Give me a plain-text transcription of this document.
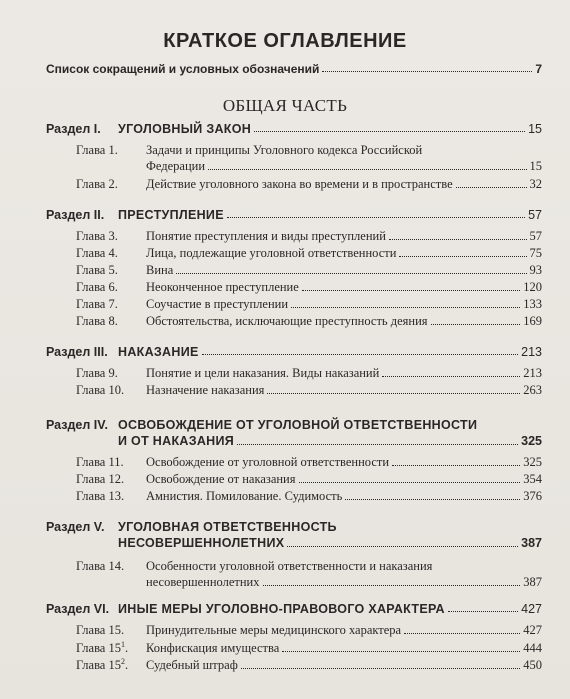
КРАТКОЕ ОГЛАВЛЕНИЕ
Список сокращений и условных обозначений	7
ОБЩАЯ ЧАСТЬ
Раздел I.	УГОЛОВНЫЙ ЗАКОН	15
Глава 1.	Задачи и принципы Уголовного кодекса Российской
Федерации	15
Глава 2.	Действие уголовного закона во времени и в пространстве	32
Раздел II.	ПРЕСТУПЛЕНИЕ	57
Глава 3.	Понятие преступления и виды преступлений	57
Глава 4.	Лица, подлежащие уголовной ответственности	75
Глава 5.	Вина	93
Глава 6.	Неоконченное преступление	120
Глава 7.	Соучастие в преступлении	133
Глава 8.	Обстоятельства, исключающие преступность деяния	169
Раздел III. НАКАЗАНИЕ	213
Глава 9.	Понятие и цели наказания. Виды наказаний	213
Глава 10.	Назначение наказания	263
Раздел IV. ОСВОБОЖДЕНИЕ ОТ УГОЛОВНОЙ ОТВЕТСТВЕННОСТИ
И ОТ НАКАЗАНИЯ	325
Глава 11.	Освобождение от уголовной ответственности	325
Глава 12.	Освобождение от наказания	354
Глава 13.	Амнистия. Помилование. Судимость	376
Раздел V.	УГОЛОВНАЯ ОТВЕТСТВЕННОСТЬ
НЕСОВЕРШЕННОЛЕТНИХ	387
Глава 14.	Особенности уголовной ответственности и наказания
несовершеннолетних	387
Раздел VI. ИНЫЕ МЕРЫ УГОЛОВНО-ПРАВОВОГО ХАРАКТЕРА	427
Глава 15.	Принудительные меры медицинского характера	427
Глава $15^1$.	Конфискация имущества	444
Глава $15^2$.	Судебный штраф	450
